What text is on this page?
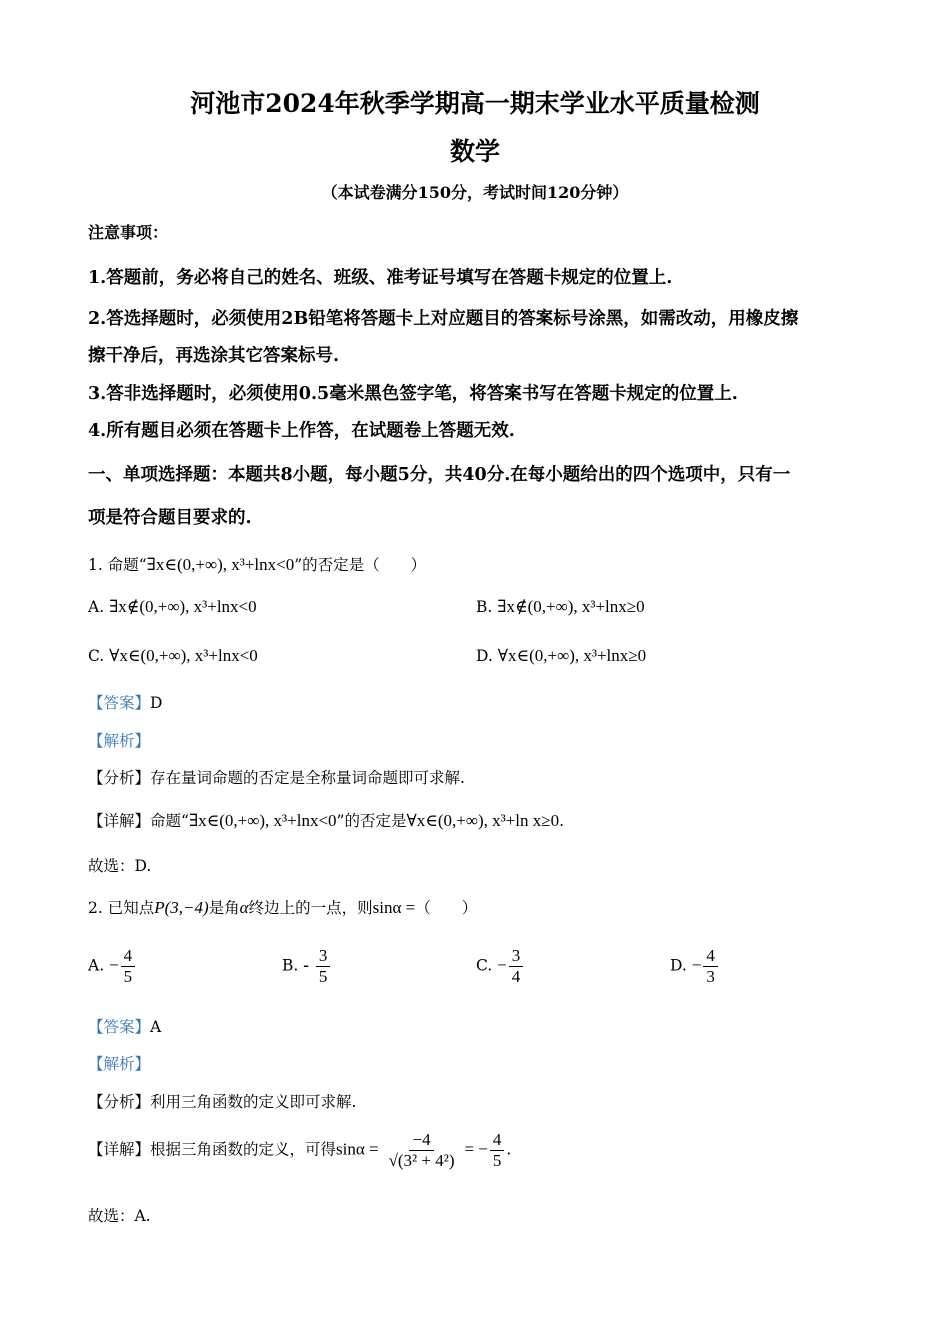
河池市2024年秋季学期高一期末学业水平质量检测
数学
（本试卷满分150分，考试时间120分钟）
注意事项：
1.答题前，务必将自己的姓名、班级、准考证号填写在答题卡规定的位置上.
2.答选择题时，必须使用2B铅笔将答题卡上对应题目的答案标号涂黑，如需改动，用橡皮擦
擦干净后，再选涂其它答案标号.
3.答非选择题时，必须使用0.5毫米黑色签字笔，将答案书写在答题卡规定的位置上.
4.所有题目必须在答题卡上作答，在试题卷上答题无效.
一、单项选择题：本题共8小题，每小题5分，共40分.在每小题给出的四个选项中，只有一
项是符合题目要求的.
1. 命题“∃x∈(0,+∞), x³+lnx<0”的否定是（　　）
A. ∃x∉(0,+∞), x³+lnx<0	B. ∃x∉(0,+∞), x³+lnx≥0
C. ∀x∈(0,+∞), x³+lnx<0	D. ∀x∈(0,+∞), x³+lnx≥0
【答案】D
【解析】
【分析】存在量词命题的否定是全称量词命题即可求解.
【详解】命题“∃x∈(0,+∞), x³+lnx<0”的否定是∀x∈(0,+∞), x³+ln x≥0.
故选：D.
2. 已知点P(3,−4)是角α终边上的一点，则sinα =（　　）
A. − $\frac{4}{5}$	B. - $\frac{3}{5}$	C. − $\frac{3}{4}$	D. − $\frac{4}{3}$
【答案】A
【解析】
【分析】利用三角函数的定义即可求解.
【详解】根据三角函数的定义，可得$\sin\alpha = \frac{-4}{\text{√(3² + 4²)}}$ = − $\frac{4}{5}$ .
故选：A.
